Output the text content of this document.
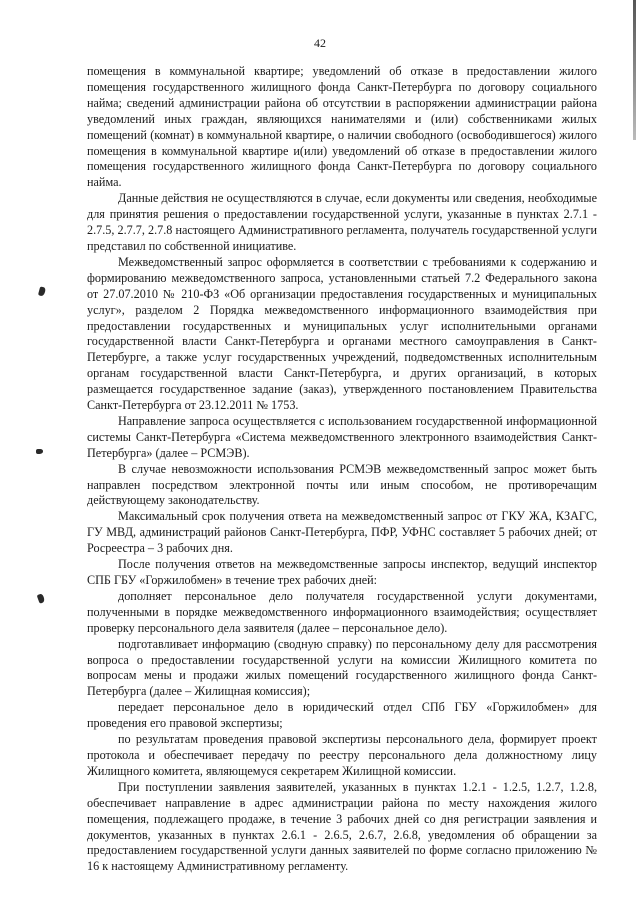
42

помещения в коммунальной квартире; уведомлений об отказе в предоставлении жилого помещения государственного жилищного фонда Санкт-Петербурга по договору социального найма; сведений администрации района об отсутствии в распоряжении администрации района уведомлений иных граждан, являющихся нанимателями и (или) собственниками жилых помещений (комнат) в коммунальной квартире, о наличии свободного (освободившегося) жилого помещения в коммунальной квартире и(или) уведомлений об отказе в предоставлении жилого помещения государственного жилищного фонда Санкт-Петербурга по договору социального найма.

Данные действия не осуществляются в случае, если документы или сведения, необходимые для принятия решения о предоставлении государственной услуги, указанные в пунктах 2.7.1 - 2.7.5, 2.7.7, 2.7.8 настоящего Административного регламента, получатель государственной услуги представил по собственной инициативе.

Межведомственный запрос оформляется в соответствии с требованиями к содержанию и формированию межведомственного запроса, установленными статьей 7.2 Федерального закона от 27.07.2010 № 210-ФЗ «Об организации предоставления государственных и муниципальных услуг», разделом 2 Порядка межведомственного информационного взаимодействия при предоставлении государственных и муниципальных услуг исполнительными органами государственной власти Санкт-Петербурга и органами местного самоуправления в Санкт-Петербурге, а также услуг государственных учреждений, подведомственных исполнительным органам государственной власти Санкт-Петербурга, и других организаций, в которых размещается государственное задание (заказ), утвержденного постановлением Правительства Санкт-Петербурга от 23.12.2011 № 1753.

Направление запроса осуществляется с использованием государственной информационной системы Санкт-Петербурга «Система межведомственного электронного взаимодействия Санкт-Петербурга» (далее – РСМЭВ).

В случае невозможности использования РСМЭВ межведомственный запрос может быть направлен посредством электронной почты или иным способом, не противоречащим действующему законодательству.

Максимальный срок получения ответа на межведомственный запрос от ГКУ ЖА, КЗАГС, ГУ МВД, администраций районов Санкт-Петербурга, ПФР, УФНС составляет 5 рабочих дней; от Росреестра – 3 рабочих дня.

После получения ответов на межведомственные запросы инспектор, ведущий инспектор СПБ ГБУ «Горжилобмен» в течение трех рабочих дней:

дополняет персональное дело получателя государственной услуги документами, полученными в порядке межведомственного информационного взаимодействия; осуществляет проверку персонального дела заявителя (далее – персональное дело).

подготавливает информацию (сводную справку) по персональному делу для рассмотрения вопроса о предоставлении государственной услуги на комиссии Жилищного комитета по вопросам мены и продажи жилых помещений государственного жилищного фонда Санкт-Петербурга (далее – Жилищная комиссия);

передает персональное дело в юридический отдел СПб ГБУ «Горжилобмен» для проведения его правовой экспертизы;

по результатам проведения правовой экспертизы персонального дела, формирует проект протокола и обеспечивает передачу по реестру персонального дела должностному лицу Жилищного комитета, являющемуся секретарем Жилищной комиссии.

При поступлении заявления заявителей, указанных в пунктах 1.2.1 - 1.2.5, 1.2.7, 1.2.8, обеспечивает направление в адрес администрации района по месту нахождения жилого помещения, подлежащего продаже, в течение 3 рабочих дней со дня регистрации заявления и документов, указанных в пунктах 2.6.1 - 2.6.5, 2.6.7, 2.6.8, уведомления об обращении за предоставлением государственной услуги данных заявителей по форме согласно приложению № 16 к настоящему Административному регламенту.
